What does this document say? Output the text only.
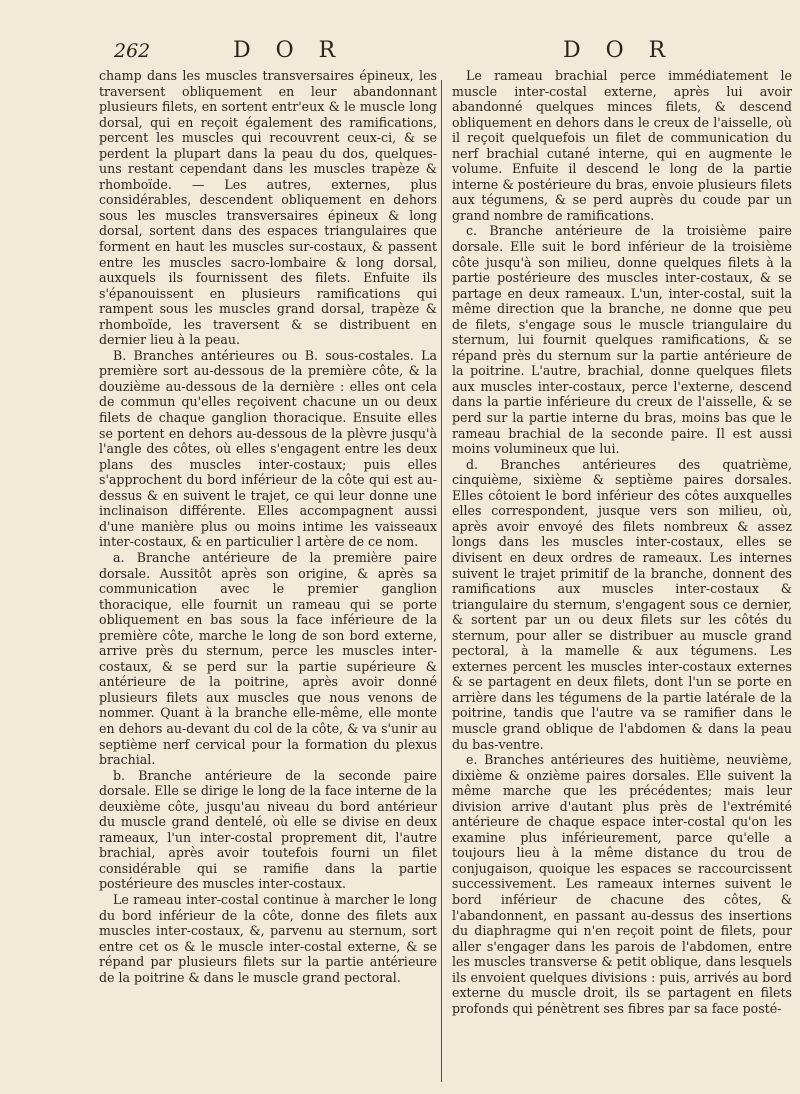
262	D O R	D O R

champ dans les muscles transversaires épineux, les traversent obliquement en leur abandonnant plusieurs filets, en sortent entr'eux & le muscle long dorsal, qui en reçoit également des ramifications, percent les muscles qui recouvrent ceux-ci, & se perdent la plupart dans la peau du dos, quelques-uns restant cependant dans les muscles trapèze & rhomboïde. — Les autres, externes, plus considérables, descendent obliquement en dehors sous les muscles transversaires épineux & long dorsal, sortent dans des espaces triangulaires que forment en haut les muscles sur-costaux, & passent entre les muscles sacro-lombaire & long dorsal, auxquels ils fournissent des filets. Enfuite ils s'épanouissent en plusieurs ramifications qui rampent sous les muscles grand dorsal, trapèze & rhomboïde, les traversent & se distribuent en dernier lieu à la peau.

B. Branches antérieures ou B. sous-costales. La première sort au-dessous de la première côte, & la douzième au-dessous de la dernière : elles ont cela de commun qu'elles reçoivent chacune un ou deux filets de chaque ganglion thoracique. Ensuite elles se portent en dehors au-dessous de la plèvre jusqu'à l'angle des côtes, où elles s'engagent entre les deux plans des muscles inter-costaux; puis elles s'approchent du bord inférieur de la côte qui est au-dessus & en suivent le trajet, ce qui leur donne une inclinaison différente. Elles accompagnent aussi d'une manière plus ou moins intime les vaisseaux inter-costaux, & en particulier l artère de ce nom.

a. Branche antérieure de la première paire dorsale. Aussitôt après son origine, & après sa communication avec le premier ganglion thoracique, elle fournit un rameau qui se porte obliquement en bas sous la face inférieure de la première côte, marche le long de son bord externe, arrive près du sternum, perce les muscles inter-costaux, & se perd sur la partie supérieure & antérieure de la poitrine, après avoir donné plusieurs filets aux muscles que nous venons de nommer. Quant à la branche elle-même, elle monte en dehors au-devant du col de la côte, & va s'unir au septième nerf cervical pour la formation du plexus brachial.

b. Branche antérieure de la seconde paire dorsale. Elle se dirige le long de la face interne de la deuxième côte, jusqu'au niveau du bord antérieur du muscle grand dentelé, où elle se divise en deux rameaux, l'un inter-costal proprement dit, l'autre brachial, après avoir toutefois fourni un filet considérable qui se ramifie dans la partie postérieure des muscles inter-costaux.

Le rameau inter-costal continue à marcher le long du bord inférieur de la côte, donne des filets aux muscles inter-costaux, &, parvenu au sternum, sort entre cet os & le muscle inter-costal externe, & se répand par plusieurs filets sur la partie antérieure de la poitrine & dans le muscle grand pectoral.

Le rameau brachial perce immédiatement le muscle inter-costal externe, après lui avoir abandonné quelques minces filets, & descend obliquement en dehors dans le creux de l'aisselle, où il reçoit quelquefois un filet de communication du nerf brachial cutané interne, qui en augmente le volume. Enfuite il descend le long de la partie interne & postérieure du bras, envoie plusieurs filets aux tégumens, & se perd auprès du coude par un grand nombre de ramifications.

c. Branche antérieure de la troisième paire dorsale. Elle suit le bord inférieur de la troisième côte jusqu'à son milieu, donne quelques filets à la partie postérieure des muscles inter-costaux, & se partage en deux rameaux. L'un, inter-costal, suit la même direction que la branche, ne donne que peu de filets, s'engage sous le muscle triangulaire du sternum, lui fournit quelques ramifications, & se répand près du sternum sur la partie antérieure de la poitrine. L'autre, brachial, donne quelques filets aux muscles inter-costaux, perce l'externe, descend dans la partie inférieure du creux de l'aisselle, & se perd sur la partie interne du bras, moins bas que le rameau brachial de la seconde paire. Il est aussi moins volumineux que lui.

d. Branches antérieures des quatrième, cinquième, sixième & septième paires dorsales. Elles côtoient le bord inférieur des côtes auxquelles elles correspondent, jusque vers son milieu, où, après avoir envoyé des filets nombreux & assez longs dans les muscles inter-costaux, elles se divisent en deux ordres de rameaux. Les internes suivent le trajet primitif de la branche, donnent des ramifications aux muscles inter-costaux & triangulaire du sternum, s'engagent sous ce dernier, & sortent par un ou deux filets sur les côtés du sternum, pour aller se distribuer au muscle grand pectoral, à la mamelle & aux tégumens. Les externes percent les muscles inter-costaux externes & se partagent en deux filets, dont l'un se porte en arrière dans les tégumens de la partie latérale de la poitrine, tandis que l'autre va se ramifier dans le muscle grand oblique de l'abdomen & dans la peau du bas-ventre.

e. Branches antérieures des huitième, neuvième, dixième & onzième paires dorsales. Elle suivent la même marche que les précédentes; mais leur division arrive d'autant plus près de l'extrémité antérieure de chaque espace inter-costal qu'on les examine plus inférieurement, parce qu'elle a toujours lieu à la même distance du trou de conjugaison, quoique les espaces se raccourcissent successivement. Les rameaux internes suivent le bord inférieur de chacune des côtes, & l'abandonnent, en passant au-dessus des insertions du diaphragme qui n'en reçoit point de filets, pour aller s'engager dans les parois de l'abdomen, entre les muscles transverse & petit oblique, dans lesquels ils envoient quelques divisions : puis, arrivés au bord externe du muscle droit, ils se partagent en filets profonds qui pénètrent ses fibres par sa face posté-
